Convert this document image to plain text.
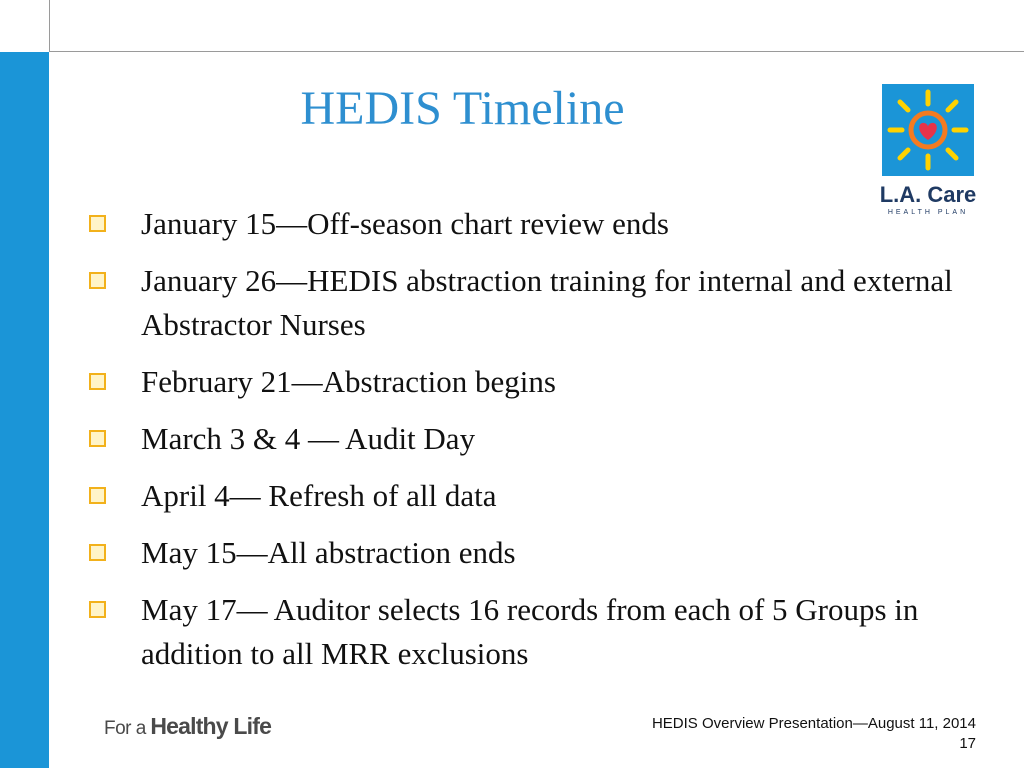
HEDIS Timeline
L.A. Care
HEALTH PLAN
January 15—Off-season chart review ends
January 26—HEDIS abstraction training for internal and external Abstractor Nurses
February 21—Abstraction begins
March 3 & 4 — Audit Day
April 4— Refresh of all data
May 15—All abstraction ends
May 17— Auditor selects 16 records from each of 5 Groups in addition to all MRR exclusions
For a Healthy Life	HEDIS Overview Presentation—August 11, 2014
17
